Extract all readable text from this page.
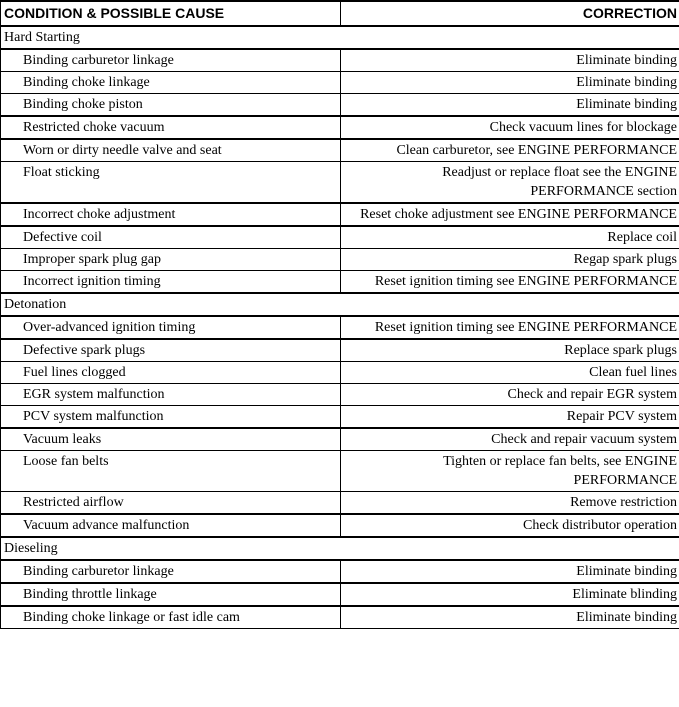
CONDITION & POSSIBLE CAUSE	CORRECTION
Hard Starting	
Binding carburetor linkage	Eliminate binding
Binding choke linkage	Eliminate binding
Binding choke piston	Eliminate binding
Restricted choke vacuum	Check vacuum lines for blockage
Worn or dirty needle valve and seat	Clean carburetor, see ENGINE PERFORMANCE
Float sticking	Readjust or replace float see the ENGINE PERFORMANCE section
Incorrect choke adjustment	Reset choke adjustment see ENGINE PERFORMANCE
Defective coil	Replace coil
Improper spark plug gap	Regap spark plugs
Incorrect ignition timing	Reset ignition timing see ENGINE PERFORMANCE
Detonation	
Over-advanced ignition timing	Reset ignition timing see ENGINE PERFORMANCE
Defective spark plugs	Replace spark plugs
Fuel lines clogged	Clean fuel lines
EGR system malfunction	Check and repair EGR system
PCV system malfunction	Repair PCV system
Vacuum leaks	Check and repair vacuum system
Loose fan belts	Tighten or replace fan belts, see ENGINE PERFORMANCE
Restricted airflow	Remove restriction
Vacuum advance malfunction	Check distributor operation
Dieseling	
Binding carburetor linkage	Eliminate binding
Binding throttle linkage	Eliminate blinding
Binding choke linkage or fast idle cam	Eliminate binding
